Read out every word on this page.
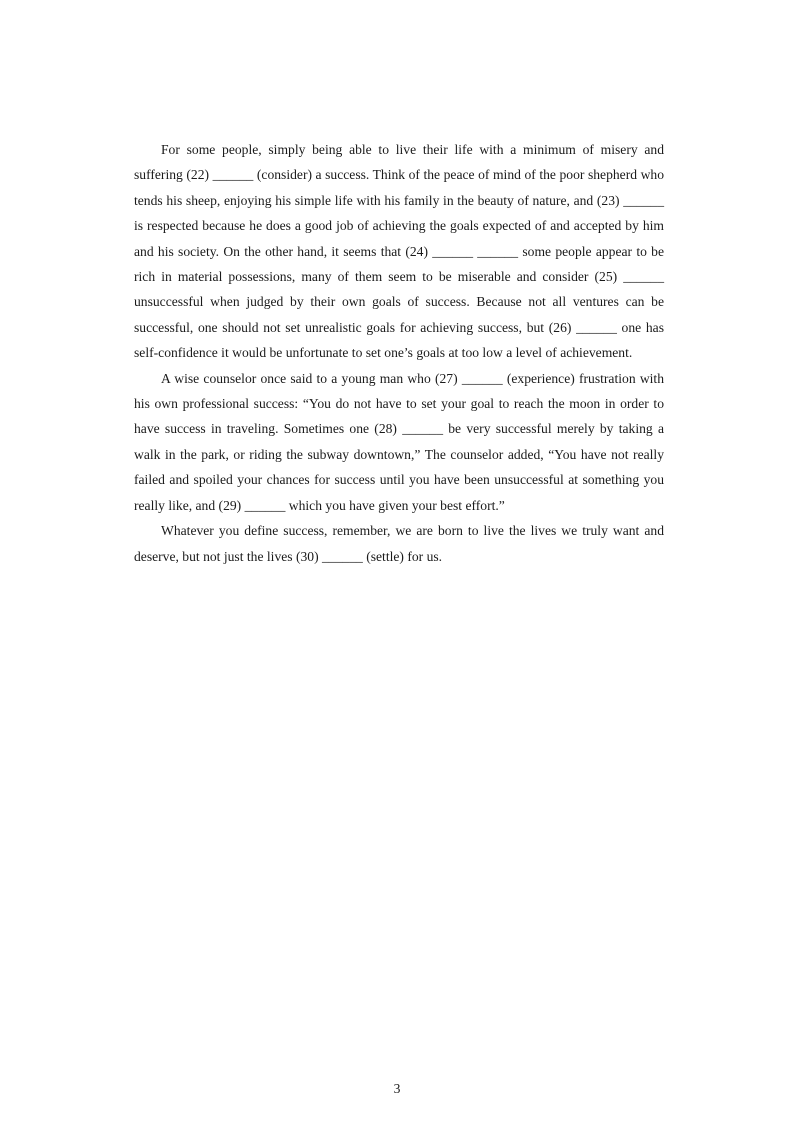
For some people, simply being able to live their life with a minimum of misery and suffering (22) ______ (consider) a success. Think of the peace of mind of the poor shepherd who tends his sheep, enjoying his simple life with his family in the beauty of nature, and (23) ______ is respected because he does a good job of achieving the goals expected of and accepted by him and his society. On the other hand, it seems that (24) ______ ______ some people appear to be rich in material possessions, many of them seem to be miserable and consider (25) ______ unsuccessful when judged by their own goals of success. Because not all ventures can be successful, one should not set unrealistic goals for achieving success, but (26) ______ one has self-confidence it would be unfortunate to set one’s goals at too low a level of achievement.

A wise counselor once said to a young man who (27) ______ (experience) frustration with his own professional success: “You do not have to set your goal to reach the moon in order to have success in traveling. Sometimes one (28) ______ be very successful merely by taking a walk in the park, or riding the subway downtown,” The counselor added, “You have not really failed and spoiled your chances for success until you have been unsuccessful at something you really like, and (29) ______ which you have given your best effort.”

Whatever you define success, remember, we are born to live the lives we truly want and deserve, but not just the lives (30) ______ (settle) for us.

3
